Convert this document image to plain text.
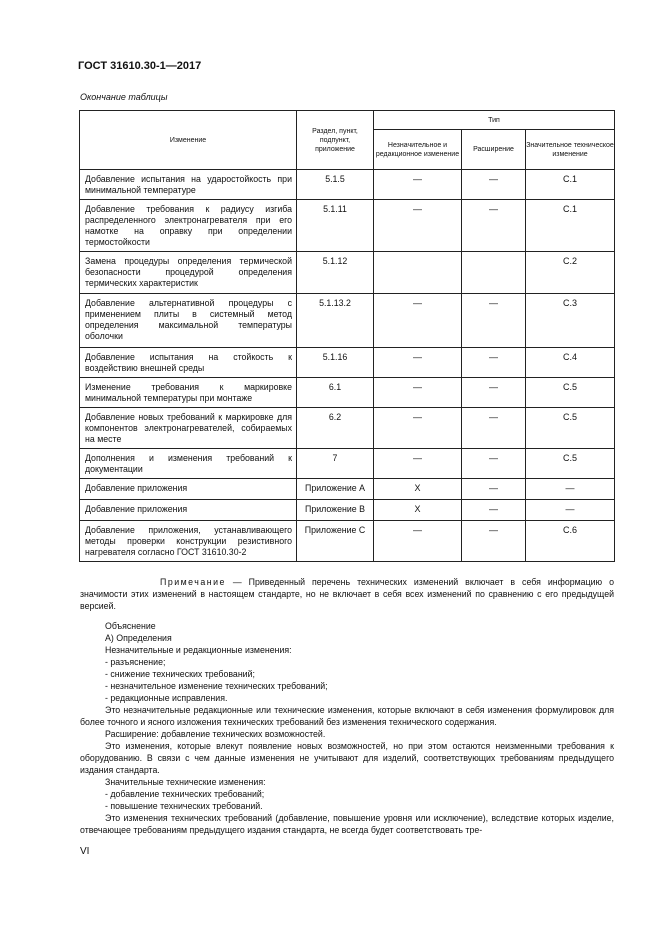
ГОСТ 31610.30-1—2017
Окончание таблицы
Изменение	Раздел, пункт, подпункт, приложение	Тип		
		Незначительное и редакционное изменение	Расширение	Значительное техническое изменение
Добавление испытания на ударостойкость при минимальной температуре	5.1.5	—	—	C.1
Добавление требования к радиусу изгиба распределенного электронагревателя при его намотке на оправку при определении термостойкости	5.1.11	—	—	C.1
Замена процедуры определения термической безопасности процедурой определения термических характеристик	5.1.12			C.2
Добавление альтернативной процедуры с применением плиты в системный метод определения максимальной температуры оболочки	5.1.13.2	—	—	C.3
Добавление испытания на стойкость к воздействию внешней среды	5.1.16	—	—	C.4
Изменение требования к маркировке минимальной температуры при монтаже	6.1	—	—	C.5
Добавление новых требований к маркировке для компонентов электронагревателей, собираемых на месте	6.2	—	—	C.5
Дополнения и изменения требований к документации	7	—	—	C.5
Добавление приложения	Приложение A	X	—	—
Добавление приложения	Приложение B	X	—	—
Добавление приложения, устанавливающего методы проверки конструкции резистивного нагревателя согласно ГОСТ 31610.30-2	Приложение C	—	—	C.6
Примечание — Приведенный перечень технических изменений включает в себя информацию о значимости этих изменений в настоящем стандарте, но не включает в себя всех изменений по сравнению с его предыдущей версией.

Объяснение

A) Определения

Незначительные и редакционные изменения:

- разъяснение;

- снижение технических требований;

- незначительное изменение технических требований;

- редакционные исправления.

Это незначительные редакционные или технические изменения, которые включают в себя изменения формулировок для более точного и ясного изложения технических требований без изменения технического содержания.

Расширение: добавление технических возможностей.

Это изменения, которые влекут появление новых возможностей, но при этом остаются неизменными требования к оборудованию. В связи с чем данные изменения не учитывают для изделий, соответствующих требованиям предыдущего издания стандарта.

Значительные технические изменения:

- добавление технических требований;

- повышение технических требований.

Это изменения технических требований (добавление, повышение уровня или исключение), вследствие которых изделие, отвечающее требованиям предыдущего издания стандарта, не всегда будет соответствовать тре-

VI
